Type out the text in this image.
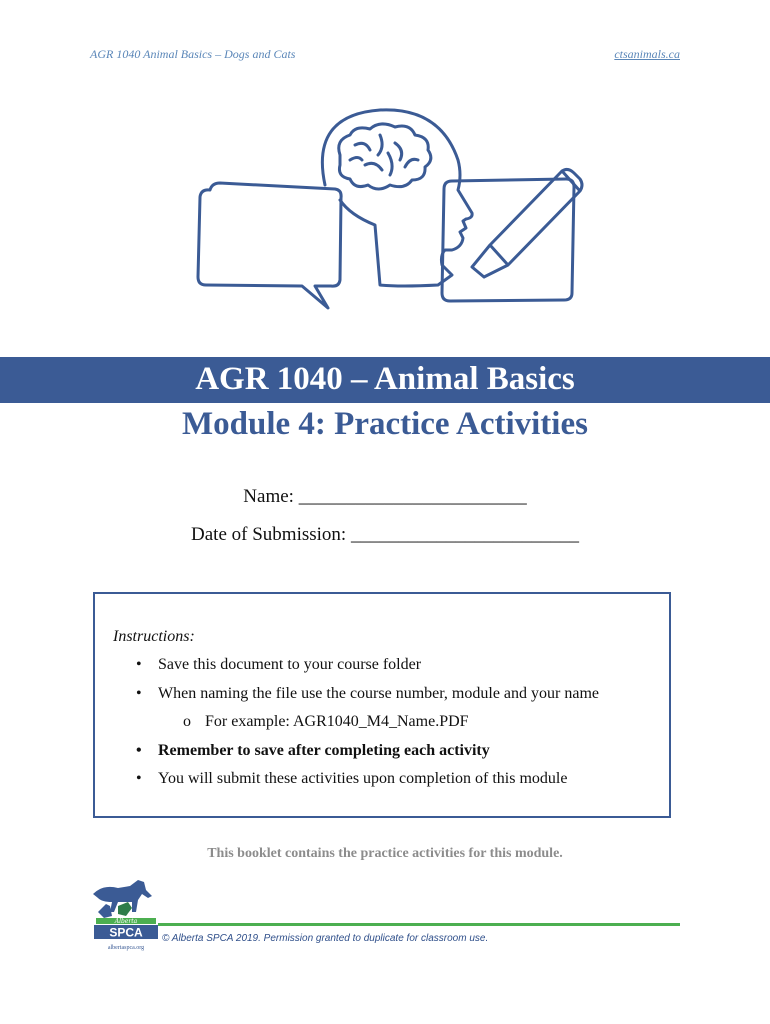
AGR 1040 Animal Basics – Dogs and Cats	ctsanimals.ca
AGR 1040 – Animal Basics
Module 4: Practice Activities
Name: ________________________
Date of Submission: ________________________
Instructions:
• Save this document to your course folder
• When naming the file use the course number, module and your name
o For example: AGR1040_M4_Name.PDF
• Remember to save after completing each activity
• You will submit these activities upon completion of this module
This booklet contains the practice activities for this module.
Alberta
SPCA
albertaspca.org
© Alberta SPCA 2019. Permission granted to duplicate for classroom use.
